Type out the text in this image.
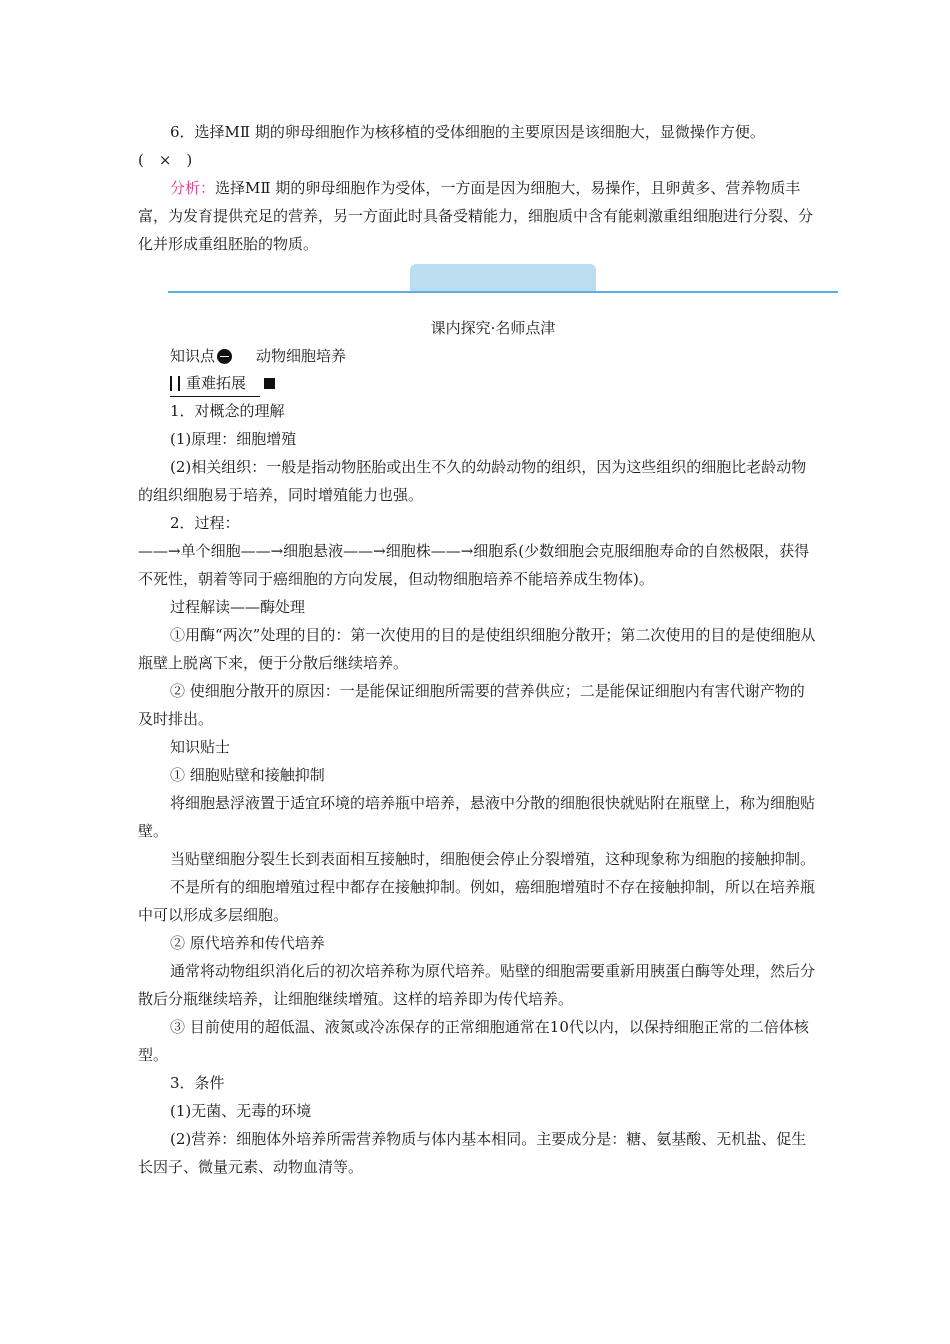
6．选择MⅡ 期的卵母细胞作为核移植的受体细胞的主要原因是该细胞大，显微操作方便。

(　×　)

分析：选择MⅡ 期的卵母细胞作为受体，一方面是因为细胞大，易操作，且卵黄多、营养物质丰富，为发育提供充足的营养，另一方面此时具备受精能力，细胞质中含有能刺激重组细胞进行分裂、分化并形成重组胚胎的物质。

课内探究·名师点津

知识点	动物细胞培养
重难拓展

1．对概念的理解

(1)原理：细胞增殖

(2)相关组织：一般是指动物胚胎或出生不久的幼龄动物的组织，因为这些组织的细胞比老龄动物的组织细胞易于培养，同时增殖能力也强。

2．过程：

——→单个细胞——→细胞悬液——→细胞株——→细胞系(少数细胞会克服细胞寿命的自然极限，获得不死性，朝着等同于癌细胞的方向发展，但动物细胞培养不能培养成生物体)。

过程解读——酶处理

①用酶“两次”处理的目的：第一次使用的目的是使组织细胞分散开；第二次使用的目的是使细胞从瓶壁上脱离下来，便于分散后继续培养。

② 使细胞分散开的原因：一是能保证细胞所需要的营养供应；二是能保证细胞内有害代谢产物的及时排出。

知识贴士

① 细胞贴壁和接触抑制

将细胞悬浮液置于适宜环境的培养瓶中培养，悬液中分散的细胞很快就贴附在瓶壁上，称为细胞贴壁。

当贴壁细胞分裂生长到表面相互接触时，细胞便会停止分裂增殖，这种现象称为细胞的接触抑制。

不是所有的细胞增殖过程中都存在接触抑制。例如，癌细胞增殖时不存在接触抑制，所以在培养瓶中可以形成多层细胞。

② 原代培养和传代培养

通常将动物组织消化后的初次培养称为原代培养。贴壁的细胞需要重新用胰蛋白酶等处理，然后分散后分瓶继续培养，让细胞继续增殖。这样的培养即为传代培养。

③ 目前使用的超低温、液氮或冷冻保存的正常细胞通常在10代以内，以保持细胞正常的二倍体核型。

3．条件

(1)无菌、无毒的环境

(2)营养：细胞体外培养所需营养物质与体内基本相同。主要成分是：糖、氨基酸、无机盐、促生长因子、微量元素、动物血清等。
